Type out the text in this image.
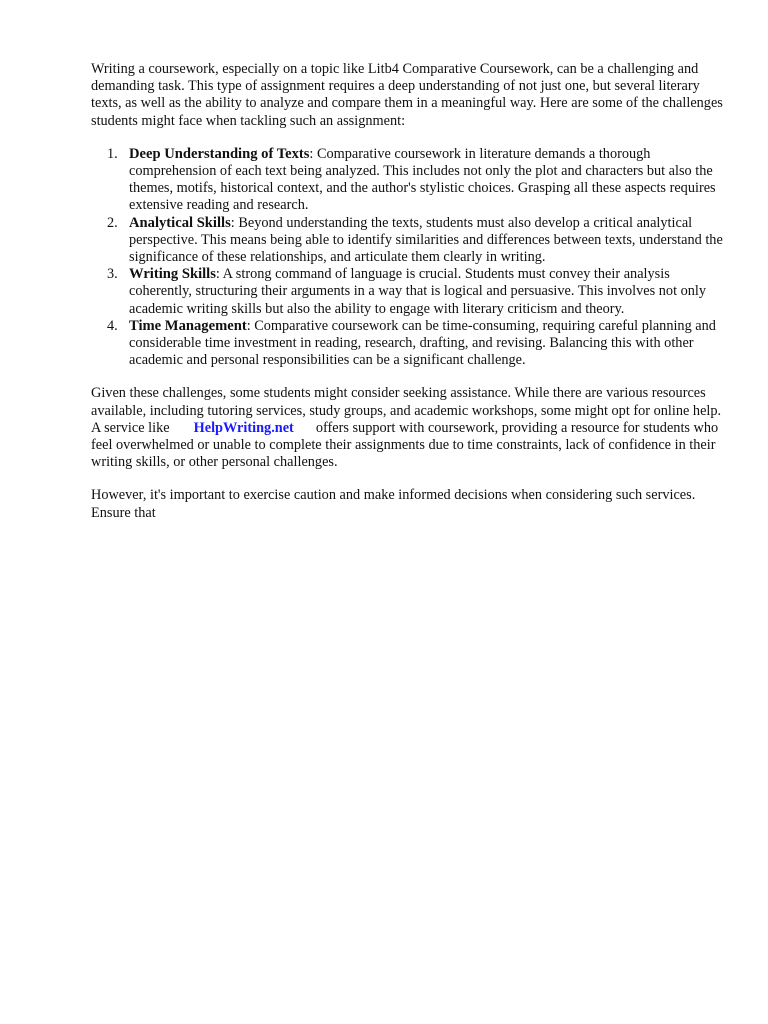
Writing a coursework, especially on a topic like Litb4 Comparative Coursework, can be a challenging and demanding task. This type of assignment requires a deep understanding of not just one, but several literary texts, as well as the ability to analyze and compare them in a meaningful way. Here are some of the challenges students might face when tackling such an assignment:

1. Deep Understanding of Texts: Comparative coursework in literature demands a thorough comprehension of each text being analyzed. This includes not only the plot and characters but also the themes, motifs, historical context, and the author's stylistic choices. Grasping all these aspects requires extensive reading and research.
2. Analytical Skills: Beyond understanding the texts, students must also develop a critical analytical perspective. This means being able to identify similarities and differences between texts, understand the significance of these relationships, and articulate them clearly in writing.
3. Writing Skills: A strong command of language is crucial. Students must convey their analysis coherently, structuring their arguments in a way that is logical and persuasive. This involves not only academic writing skills but also the ability to engage with literary criticism and theory.
4. Time Management: Comparative coursework can be time-consuming, requiring careful planning and considerable time investment in reading, research, drafting, and revising. Balancing this with other academic and personal responsibilities can be a significant challenge.

Given these challenges, some students might consider seeking assistance. While there are various resources available, including tutoring services, study groups, and academic workshops, some might opt for online help. A service like HelpWriting.net offers support with coursework, providing a resource for students who feel overwhelmed or unable to complete their assignments due to time constraints, lack of confidence in their writing skills, or other personal challenges.

However, it's important to exercise caution and make informed decisions when considering such services. Ensure that
